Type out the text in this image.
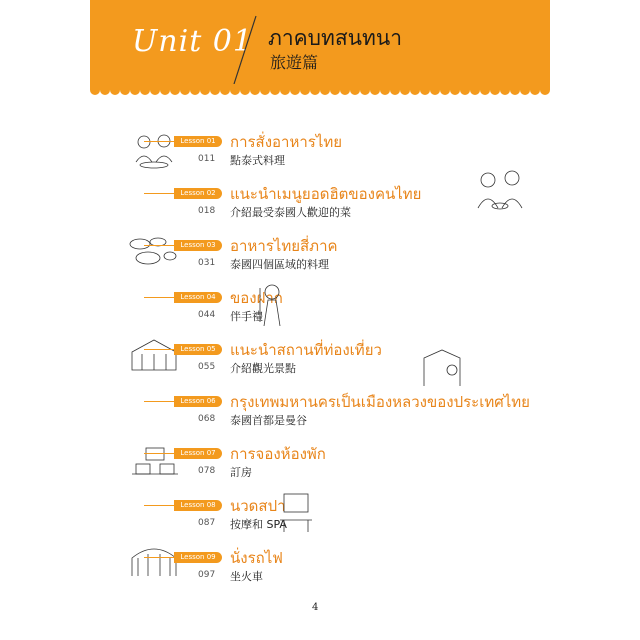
Unit 01 ภาคบทสนทนา
旅遊篇
Lesson 01 การสั่งอาหารไทย
011 點泰式料理
Lesson 02 แนะนำเมนูยอดฮิตของคนไทย
018 介紹最受泰國人歡迎的菜
Lesson 03 อาหารไทยสี่ภาค
031 泰國四個區域的料理
Lesson 04 ของฝาก
044 伴手禮
Lesson 05 แนะนำสถานที่ท่องเที่ยว
055 介紹觀光景點
Lesson 06 กรุงเทพมหานครเป็นเมืองหลวงของประเทศไทย
068 泰國首都是曼谷
Lesson 07 การจองห้องพัก
078 訂房
Lesson 08 นวดสปา
087 按摩和 SPA
Lesson 09 นั่งรถไฟ
097 坐火車
4
